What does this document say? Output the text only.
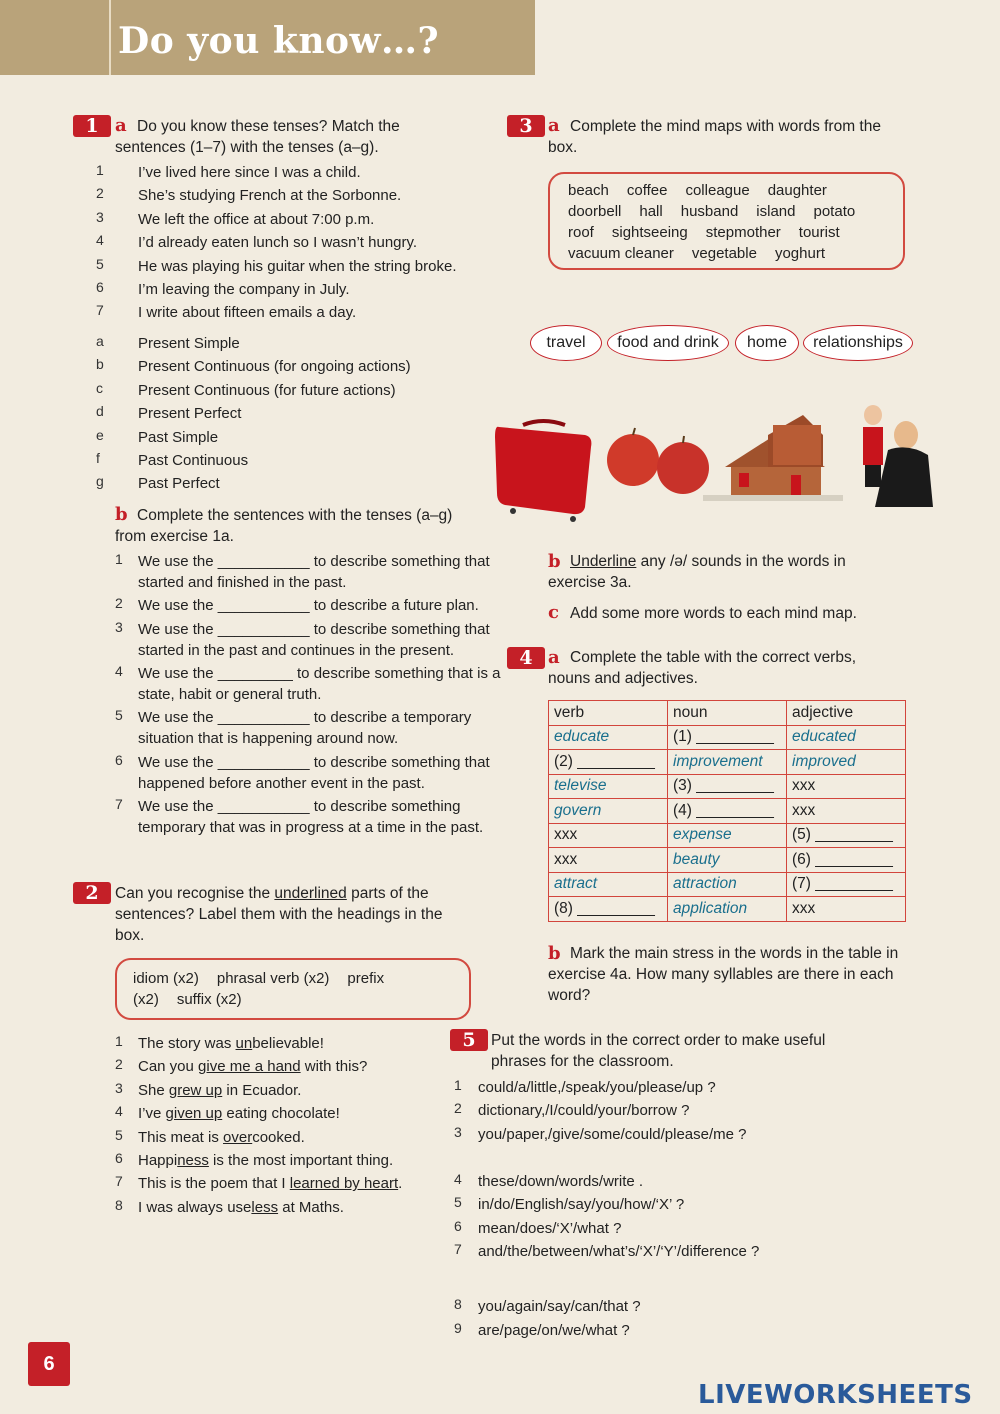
Do you know…?
1 a Do you know these tenses? Match the sentences (1–7) with the tenses (a–g).
1 I’ve lived here since I was a child.
2 She’s studying French at the Sorbonne.
3 We left the office at about 7:00 p.m.
4 I’d already eaten lunch so I wasn’t hungry.
5 He was playing his guitar when the string broke.
6 I’m leaving the company in July.
7 I write about fifteen emails a day.
a Present Simple
b Present Continuous (for ongoing actions)
c Present Continuous (for future actions)
d Present Perfect
e Past Simple
f	Past Continuous
g Past Perfect
b Complete the sentences with the tenses (a–g) from exercise 1a.
1 We use the ___________ to describe something that started and finished in the past.
2 We use the ___________ to describe a future plan.
3 We use the ___________ to describe something that started in the past and continues in the present.
4 We use the _________ to describe something that is a state, habit or general truth.
5 We use the ___________ to describe a temporary situation that is happening around now.
6 We use the ___________ to describe something that happened before another event in the past.
7 We use the ___________ to describe something temporary that was in progress at a time in the past.
2	Can you recognise the underlined parts of the sentences? Label them with the headings in the box.
idiom (x2) phrasal verb (x2) prefix (x2) suffix (x2)
1 The story was unbelievable!
2 Can you give me a hand with this?
3 She grew up in Ecuador.
4 I’ve given up eating chocolate!
5 This meat is overcooked.
6 Happiness is the most important thing.
7 This is the poem that I learned by heart.
8 I was always useless at Maths.
3 a Complete the mind maps with words from the box.
beach coffee colleague daughter
doorbell hall husband island potato
roof sightseeing stepmother tourist
vacuum cleaner vegetable yoghurt
travel	food and drink	home	relationships
b Underline any /ə/ sounds in the words in exercise 3a.
c Add some more words to each mind map.
4 a Complete the table with the correct verbs, nouns and adjectives.
verb	noun	adjective
educate	(1) _________	educated
(2) _________	improvement	improved
televise	(3) _________	xxx
govern	(4) _________	xxx
xxx	expense	(5) _________
xxx	beauty	(6) _________
attract	attraction	(7) _________
(8) _________	application	xxx
b Mark the main stress in the words in the table in exercise 4a. How many syllables are there in each word?
5 Put the words in the correct order to make useful phrases for the classroom.
1 could/a/little,/speak/you/please/up ?
2 dictionary,/I/could/your/borrow ?
3 you/paper,/give/some/could/please/me ?
4 these/down/words/write .
5 in/do/English/say/you/how/‘X’ ?
6 mean/does/‘X’/what ?
7 and/the/between/what’s/‘X’/‘Y’/difference ?
8 you/again/say/can/that ?
9 are/page/on/we/what ?
6
LIVEWORKSHEETS
